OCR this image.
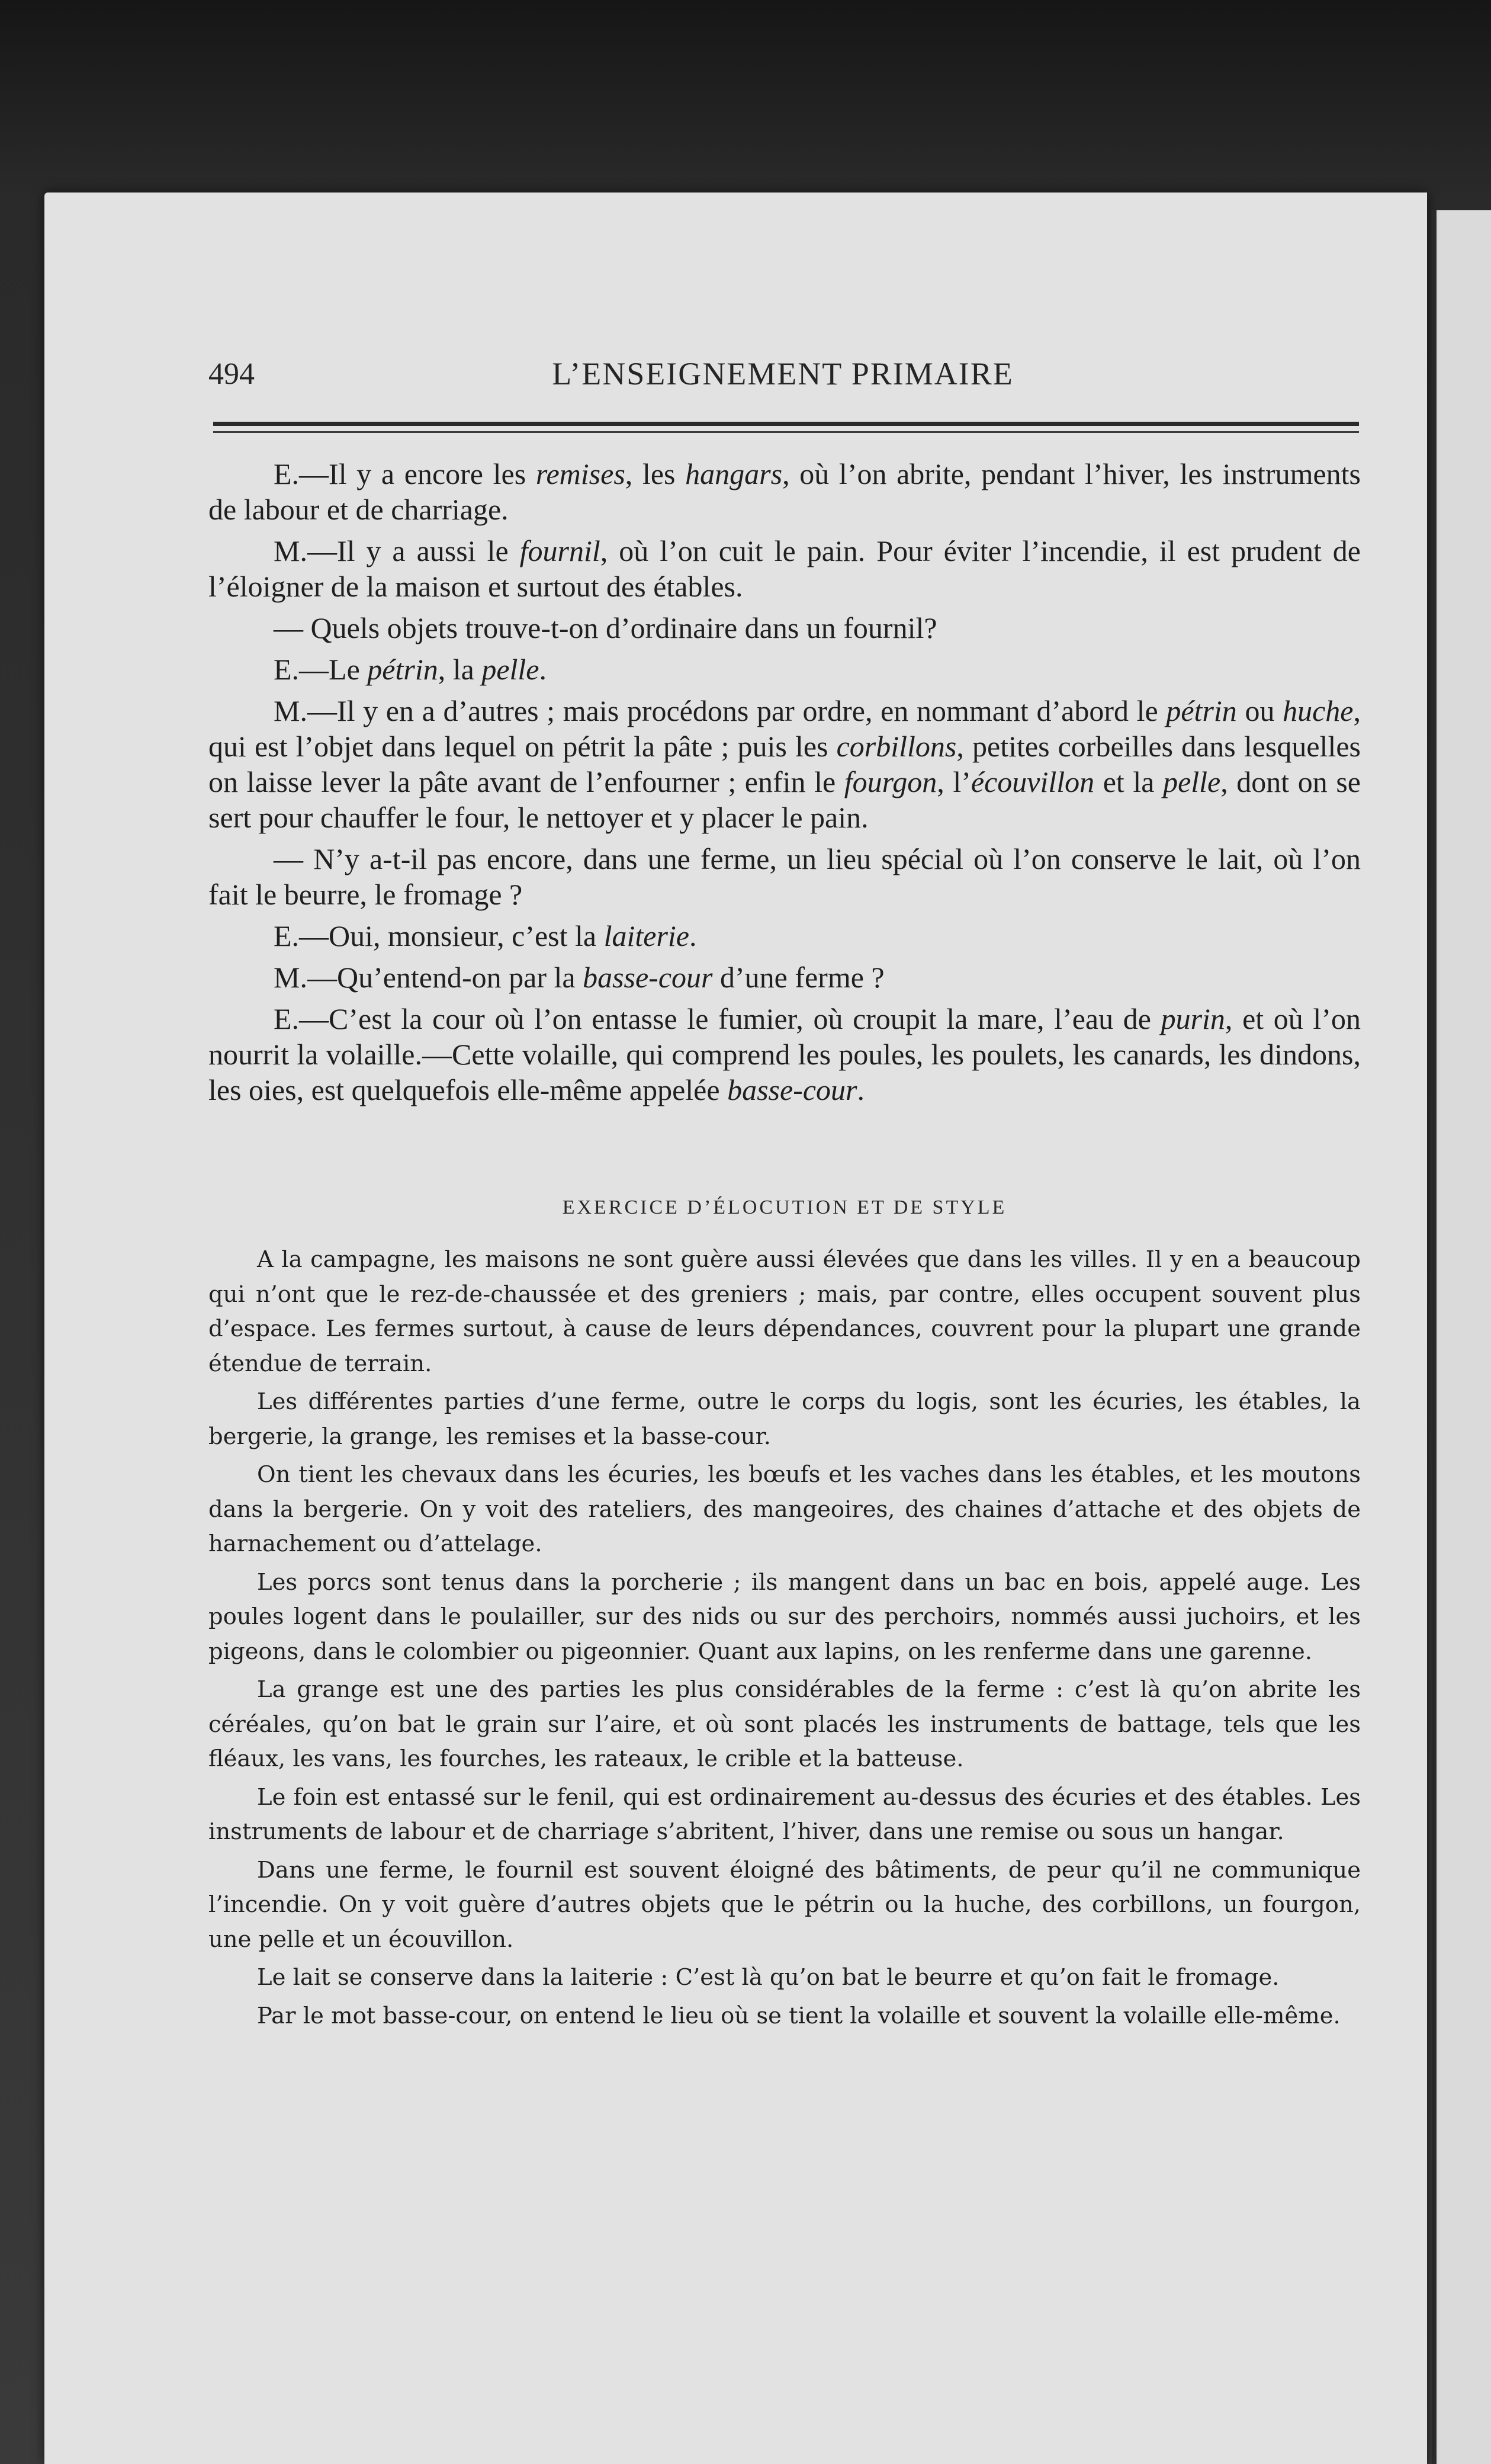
494	L’ENSEIGNEMENT PRIMAIRE

E.—Il y a encore les remises, les hangars, où l’on abrite, pendant l’hiver, les instruments de labour et de charriage.

M.—Il y a aussi le fournil, où l’on cuit le pain. Pour éviter l’incendie, il est prudent de l’éloigner de la maison et surtout des étables.

— Quels objets trouve-t-on d’ordinaire dans un fournil?

E.—Le pétrin, la pelle.

M.—Il y en a d’autres ; mais procédons par ordre, en nommant d’abord le pétrin ou huche, qui est l’objet dans lequel on pétrit la pâte ; puis les corbillons, petites corbeilles dans lesquelles on laisse lever la pâte avant de l’enfourner ; enfin le fourgon, l’écouvillon et la pelle, dont on se sert pour chauffer le four, le nettoyer et y placer le pain.

— N’y a-t-il pas encore, dans une ferme, un lieu spécial où l’on conserve le lait, où l’on fait le beurre, le fromage ?

E.—Oui, monsieur, c’est la laiterie.

M.—Qu’entend-on par la basse-cour d’une ferme ?

E.—C’est la cour où l’on entasse le fumier, où croupit la mare, l’eau de purin, et où l’on nourrit la volaille.—Cette volaille, qui comprend les poules, les poulets, les canards, les dindons, les oies, est quelquefois elle-même appelée basse-cour.

EXERCICE D’ÉLOCUTION ET DE STYLE

A la campagne, les maisons ne sont guère aussi élevées que dans les villes. Il y en a beaucoup qui n’ont que le rez-de-chaussée et des greniers ; mais, par contre, elles occupent souvent plus d’espace. Les fermes surtout, à cause de leurs dépendances, couvrent pour la plupart une grande étendue de terrain.

Les différentes parties d’une ferme, outre le corps du logis, sont les écuries, les étables, la bergerie, la grange, les remises et la basse-cour.

On tient les chevaux dans les écuries, les bœufs et les vaches dans les étables, et les moutons dans la bergerie. On y voit des rateliers, des mangeoires, des chaines d’attache et des objets de harnachement ou d’attelage.

Les porcs sont tenus dans la porcherie ; ils mangent dans un bac en bois, appelé auge. Les poules logent dans le poulailler, sur des nids ou sur des perchoirs, nommés aussi juchoirs, et les pigeons, dans le colombier ou pigeonnier. Quant aux lapins, on les renferme dans une garenne.

La grange est une des parties les plus considérables de la ferme : c’est là qu’on abrite les céréales, qu’on bat le grain sur l’aire, et où sont placés les instruments de battage, tels que les fléaux, les vans, les fourches, les rateaux, le crible et la batteuse.

Le foin est entassé sur le fenil, qui est ordinairement au-dessus des écuries et des étables. Les instruments de labour et de charriage s’abritent, l’hiver, dans une remise ou sous un hangar.

Dans une ferme, le fournil est souvent éloigné des bâtiments, de peur qu’il ne communique l’incendie. On y voit guère d’autres objets que le pétrin ou la huche, des corbillons, un fourgon, une pelle et un écouvillon.

Le lait se conserve dans la laiterie : C’est là qu’on bat le beurre et qu’on fait le fromage.

Par le mot basse-cour, on entend le lieu où se tient la volaille et souvent la volaille elle-même.
